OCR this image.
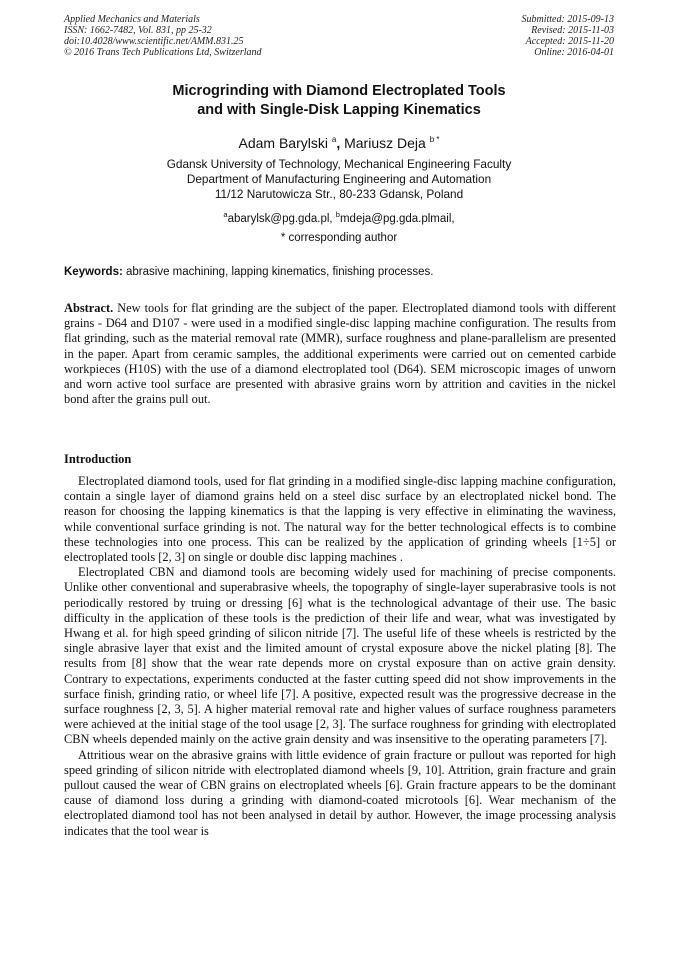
Applied Mechanics and Materials
ISSN: 1662-7482, Vol. 831, pp 25-32
doi:10.4028/www.scientific.net/AMM.831.25
© 2016 Trans Tech Publications Ltd, Switzerland
Submitted: 2015-09-13
Revised: 2015-11-03
Accepted: 2015-11-20
Online: 2016-04-01
Microgrinding with Diamond Electroplated Tools
and with Single-Disk Lapping Kinematics
Adam Barylski $^a$, Mariusz Deja $^{b *}$
Gdansk University of Technology, Mechanical Engineering Faculty
Department of Manufacturing Engineering and Automation
11/12 Narutowicza Str., 80-233 Gdansk, Poland
$^a$abarylsk@pg.gda.pl, $^b$mdeja@pg.gda.plmail,
* corresponding author
Keywords: abrasive machining, lapping kinematics, finishing processes.
Abstract. New tools for flat grinding are the subject of the paper. Electroplated diamond tools with different grains - D64 and D107 - were used in a modified single-disc lapping machine configuration. The results from flat grinding, such as the material removal rate (MMR), surface roughness and plane-parallelism are presented in the paper. Apart from ceramic samples, the additional experiments were carried out on cemented carbide workpieces (H10S) with the use of a diamond electroplated tool (D64). SEM microscopic images of unworn and worn active tool surface are presented with abrasive grains worn by attrition and cavities in the nickel bond after the grains pull out.
Introduction

Electroplated diamond tools, used for flat grinding in a modified single-disc lapping machine configuration, contain a single layer of diamond grains held on a steel disc surface by an electroplated nickel bond. The reason for choosing the lapping kinematics is that the lapping is very effective in eliminating the waviness, while conventional surface grinding is not. The natural way for the better technological effects is to combine these technologies into one process. This can be realized by the application of grinding wheels [1÷5] or electroplated tools [2, 3] on single or double disc lapping machines .

Electroplated CBN and diamond tools are becoming widely used for machining of precise components. Unlike other conventional and superabrasive wheels, the topography of single-layer superabrasive tools is not periodically restored by truing or dressing [6] what is the technological advantage of their use. The basic difficulty in the application of these tools is the prediction of their life and wear, what was investigated by Hwang et al. for high speed grinding of silicon nitride [7]. The useful life of these wheels is restricted by the single abrasive layer that exist and the limited amount of crystal exposure above the nickel plating [8]. The results from [8] show that the wear rate depends more on crystal exposure than on active grain density. Contrary to expectations, experiments conducted at the faster cutting speed did not show improvements in the surface finish, grinding ratio, or wheel life [7]. A positive, expected result was the progressive decrease in the surface roughness [2, 3, 5]. A higher material removal rate and higher values of surface roughness parameters were achieved at the initial stage of the tool usage [2, 3]. The surface roughness for grinding with electroplated CBN wheels depended mainly on the active grain density and was insensitive to the operating parameters [7].

Attritious wear on the abrasive grains with little evidence of grain fracture or pullout was reported for high speed grinding of silicon nitride with electroplated diamond wheels [9, 10]. Attrition, grain fracture and grain pullout caused the wear of CBN grains on electroplated wheels [6]. Grain fracture appears to be the dominant cause of diamond loss during a grinding with diamond-coated microtools [6]. Wear mechanism of the electroplated diamond tool has not been analysed in detail by author. However, the image processing analysis indicates that the tool wear is
